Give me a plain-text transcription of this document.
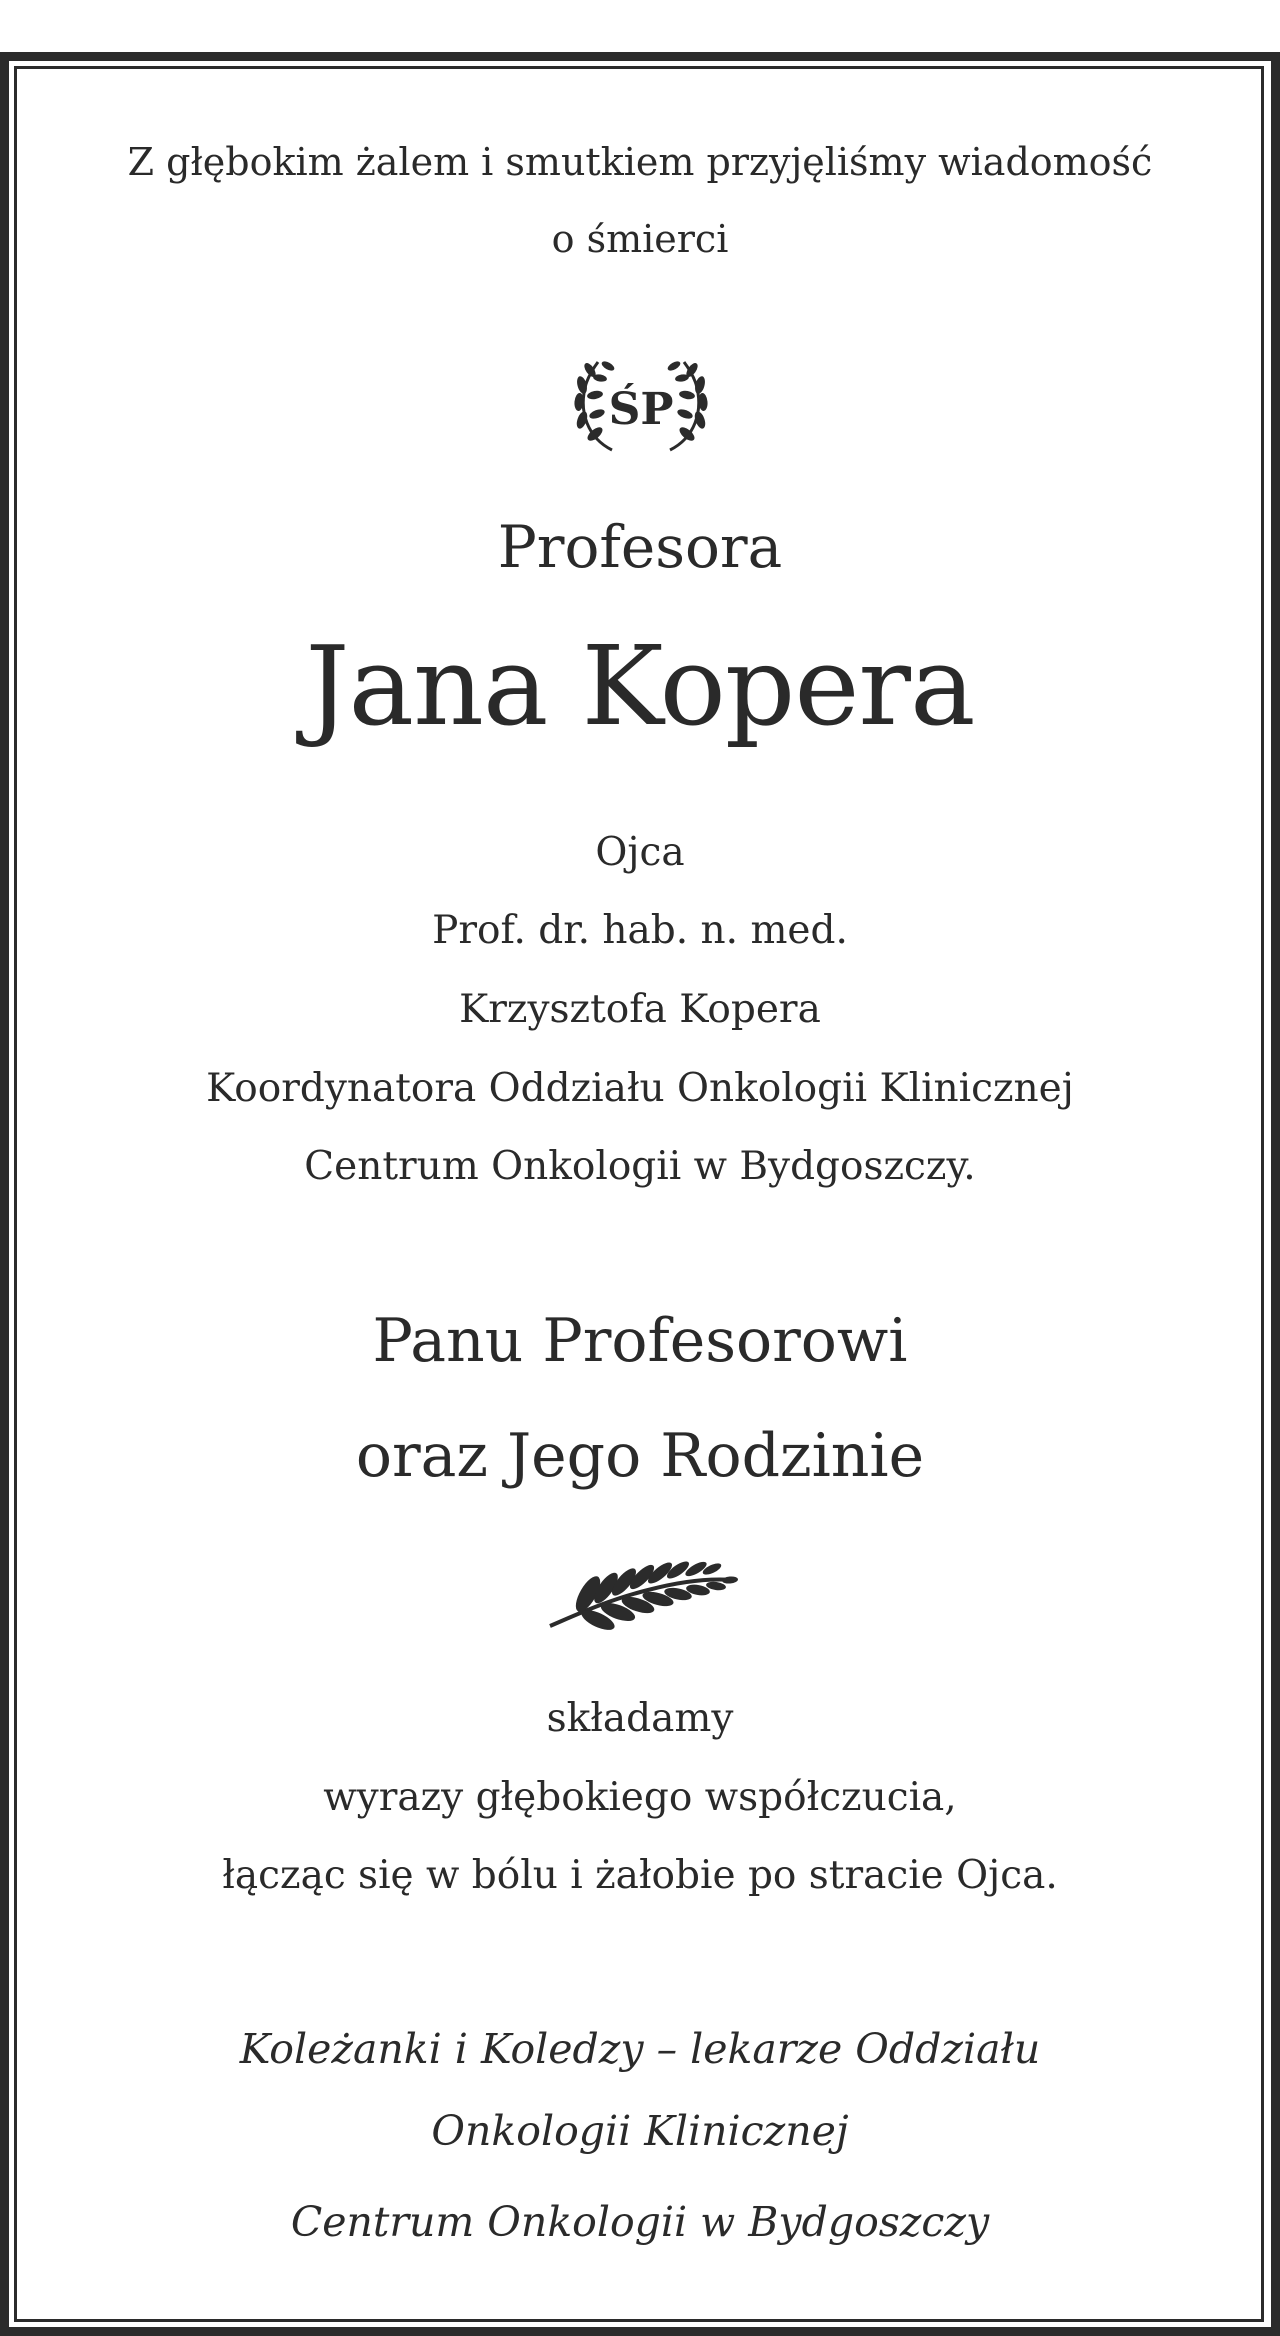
Z głębokim żalem i smutkiem przyjęliśmy wiadomość
o śmierci
ŚP
Profesora
Jana Kopera
Ojca
Prof. dr. hab. n. med.
Krzysztofa Kopera
Koordynatora Oddziału Onkologii Klinicznej
Centrum Onkologii w Bydgoszczy.
Panu Profesorowi
oraz Jego Rodzinie
składamy
wyrazy głębokiego współczucia,
łącząc się w bólu i żałobie po stracie Ojca.
Koleżanki i Koledzy – lekarze Oddziału
Onkologii Klinicznej
Centrum Onkologii w Bydgoszczy
